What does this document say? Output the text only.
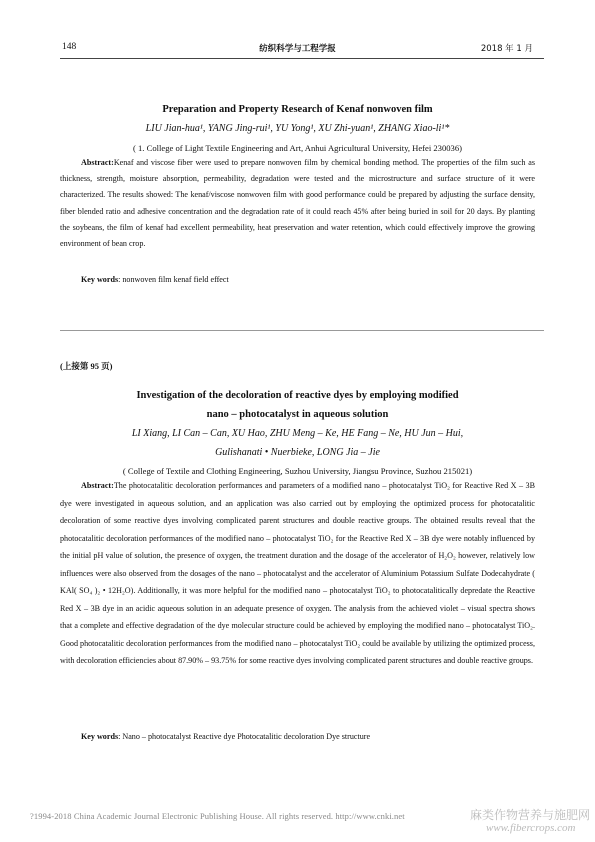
148	纺织科学与工程学报	2018 年 1 月
Preparation and Property Research of Kenaf nonwoven film
LIU Jian-hua¹, YANG Jing-rui¹, YU Yong¹, XU Zhi-yuan¹, ZHANG Xiao-li¹*
( 1. College of Light Textile Engineering and Art, Anhui Agricultural University, Hefei 230036)

Abstract:Kenaf and viscose fiber were used to prepare nonwoven film by chemical bonding method. The properties of the film such as thickness, strength, moisture absorption, permeability, degradation were tested and the microstructure and surface structure of it were characterized. The results showed: The kenaf/viscose nonwoven film with good performance could be prepared by adjusting the surface density, fiber blended ratio and adhesive concentration and the degradation rate of it could reach 45% after being buried in soil for 20 days. By planting the soybeans, the film of kenaf had excellent permeability, heat preservation and water retention, which could effectively improve the growing environment of bean crop.

Key words: nonwoven film kenaf field effect
(上接第 95 页)
Investigation of the decoloration of reactive dyes by employing modified
nano – photocatalyst in aqueous solution
LI Xiang, LI Can – Can, XU Hao, ZHU Meng – Ke, HE Fang – Ne, HU Jun – Hui,
Gulishanati • Nuerbieke, LONG Jia – Jie
( College of Textile and Clothing Engineering, Suzhou University, Jiangsu Province, Suzhou 215021)

Abstract:The photocatalitic decoloration performances and parameters of a modified nano – photocatalyst TiO₂ for Reactive Red X – 3B dye were investigated in aqueous solution, and an application was also carried out by employing the optimized process for photocatalitic decoloration of some reactive dyes involving complicated parent structures and double reactive groups. The obtained results reveal that the photocatalitic decoloration performances of the modified nano – photocatalyst TiO₂ for the Reactive Red X – 3B dye were notably influenced by the initial pH value of solution, the presence of oxygen, the treatment duration and the dosage of the accelerator of H₂O₂ however, relatively low influences were also observed from the dosages of the nano – photocatalyst and the accelerator of Aluminium Potassium Sulfate Dodecahydrate ( KAl( SO₄ )₂ • 12H₂O). Additionally, it was more helpful for the modified nano – photocatalyst TiO₂ to photocatalitically depredate the Reactive Red X – 3B dye in an acidic aqueous solution in an adequate presence of oxygen. The analysis from the achieved violet – visual spectra shows that a complete and effective degradation of the dye molecular structure could be achieved by employing the modified nano – photocatalyst TiO₂. Good photocatalitic decoloration performances from the modified nano – photocatalyst TiO₂ could be available by utilizing the optimized process, with decoloration efficiencies about 87.90% – 93.75% for some reactive dyes involving complicated parent structures and double reactive groups.

Key words: Nano – photocatalyst Reactive dye Photocatalitic decoloration Dye structure
?1994-2018 China Academic Journal Electronic Publishing House. All rights reserved. http://www.cnki.net	麻类作物营养与施肥网
www.fibercrops.com
